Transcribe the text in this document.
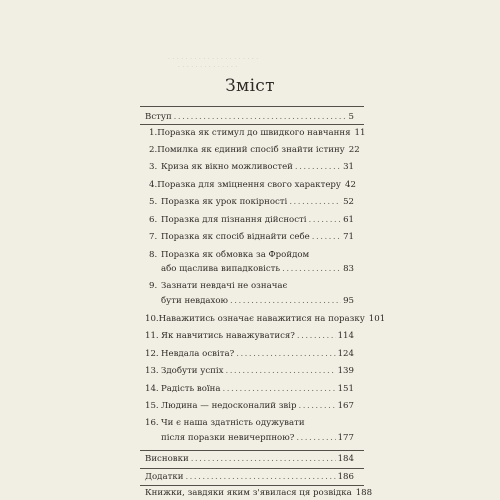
· · · · · · · · · · · · · · · · · · · · ·
· · · · · · · · · · · · · ·
Зміст
Вступ .....	5
1. Поразка як стимул до швидкого навчання 11
2. Помилка як єдиний спосіб знайти істину 22
3. Криза як вікно можливостей .....	31
4. Поразка для зміцнення свого характеру 42
5. Поразка як урок покірності .....	52
6. Поразка для пізнання дійсності .....	61
7. Поразка як спосіб віднайти себе .....	71
8. Поразка як обмовка за Фройдом
або щаслива випадковість .....	83
9. Зазнати невдачі не означає
бути невдахою .....	95
10. Наважитись означає наважитися на поразку 101
11. Як навчитись наважуватися? .....	114
12. Невдала освіта? .....	124
13. Здобути успіх .....	139
14. Радість воїна .....	151
15. Людина — недосконалий звір .....	167
16. Чи є наша здатність одужувати
після поразки невичерпною? .....	177
Висновки .....	184
Додатки .....	186
Книжки, завдяки яким з'явилася ця розвідка 188
